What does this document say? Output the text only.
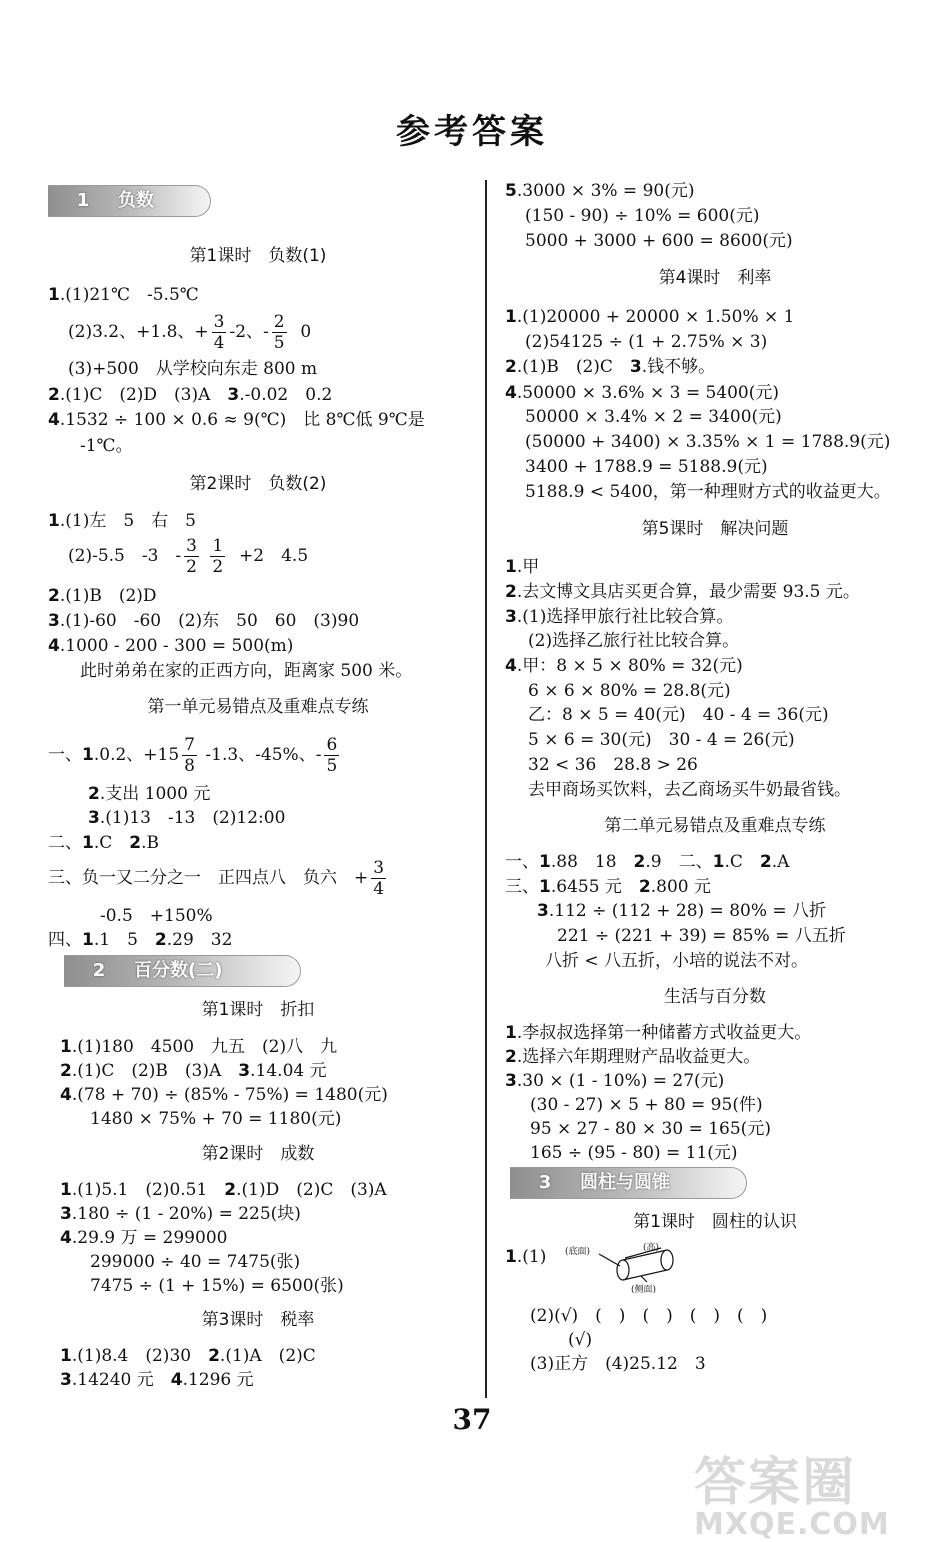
参考答案
1 负数
第1课时　负数(1)
1.(1)21℃　-5.5℃
(2)3.2、+1.8、+ $\frac{3}{4} -2$、- $\frac{2}{5} 0$
(3)+500　从学校向东走 800 m
2.(1)C　(2)D　(3)A　 3.-0.02　0.2
4.1532 ÷ 100 × 0.6 ≈ 9(℃)　比 8℃低 9℃是
-1℃。
第2课时　负数(2)
1.(1)左　5　右　5
(2)-5.5　-3　- $\frac{3}{2}$
$\frac{1}{2} +2$　4.5
2.(1)B　(2)D
3.(1)-60　-60　(2)东　50　60　(3)90
4.1000 - 200 - 300 = 500(m)
此时弟弟在家的正西方向，距离家 500 米。
第一单元易错点及重难点专练
一、1.0.2、$+15 \frac{7}{8} -1.3$、-45%、- $\frac{6}{5}$
2.支出 1000 元
3.(1)13　-13　(2)12:00
二、1.C　2.B
三、负一又二分之一　正四点八　负六　+ $\frac{3}{4}$
-0.5　+150%
四、1.1　5　2.29　32
2 百分数(二)
第1课时　折扣
1.(1)180　4500　九五　(2)八　九
2.(1)C　(2)B　(3)A　3.14.04 元
4.(78 + 70) ÷ (85% - 75%) = 1480(元)
1480 × 75% + 70 = 1180(元)
第2课时　成数
1.(1)5.1　(2)0.51　2.(1)D　(2)C　(3)A
3.180 ÷ (1 - 20%) = 225(块)
4.29.9 万 = 299000
299000 ÷ 40 = 7475(张)
7475 ÷ (1 + 15%) = 6500(张)
第3课时　税率
1.(1)8.4　(2)30　2.(1)A　(2)C
3.14240 元　4.1296 元
5.3000 × 3% = 90(元)
(150 - 90) ÷ 10% = 600(元)
5000 + 3000 + 600 = 8600(元)
第4课时　利率
1.(1)20000 + 20000 × 1.50% × 1
(2)54125 ÷ (1 + 2.75% × 3)
2.(1)B　(2)C　3.钱不够。
4.50000 × 3.6% × 3 = 5400(元)
50000 × 3.4% × 2 = 3400(元)
(50000 + 3400) × 3.35% × 1 = 1788.9(元)
3400 + 1788.9 = 5188.9(元)
5188.9 < 5400，第一种理财方式的收益更大。
第5课时　解决问题
1.甲
2.去文博文具店买更合算，最少需要 93.5 元。
3.(1)选择甲旅行社比较合算。
(2)选择乙旅行社比较合算。
4.甲：8 × 5 × 80% = 32(元)
6 × 6 × 80% = 28.8(元)
乙：8 × 5 = 40(元)　40 - 4 = 36(元)
5 × 6 = 30(元)　30 - 4 = 26(元)
32 < 36　28.8 > 26
去甲商场买饮料，去乙商场买牛奶最省钱。
第二单元易错点及重难点专练
一、1.88　18　2.9　二、1.C　2.A
三、1.6455 元　2.800 元
3.112 ÷ (112 + 28) = 80% = 八折
221 ÷ (221 + 39) = 85% = 八五折
八折 < 八五折，小培的说法不对。
生活与百分数
1.李叔叔选择第一种储蓄方式收益更大。
2.选择六年期理财产品收益更大。
3.30 × (1 - 10%) = 27(元)
(30 - 27) × 5 + 80 = 95(件)
95 × 27 - 80 × 30 = 165(元)
165 ÷ (95 - 80) = 11(元)
3 圆柱与圆锥
第1课时　圆柱的认识
1.(1) (底面)	(高)
(侧面)
(2)(√)　(　)　(　)　(　)　(　)
(√)
(3)正方　(4)25.12　3
37
答案圈
MXQE.COM
